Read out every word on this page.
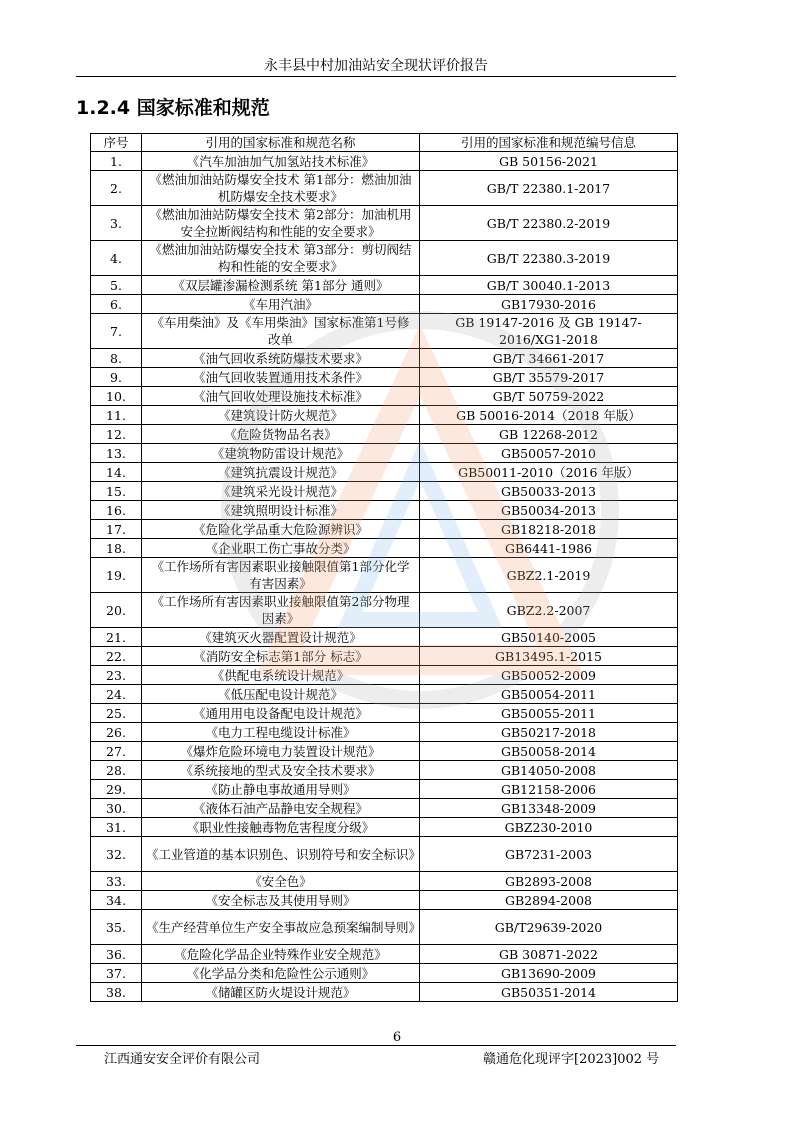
永丰县中村加油站安全现状评价报告
1.2.4 国家标准和规范
序号	引用的国家标准和规范名称	引用的国家标准和规范编号信息
1.	《汽车加油加气加氢站技术标准》	GB 50156-2021
2.	《燃油加油站防爆安全技术 第1部分：燃油加油机防爆安全技术要求》	GB/T 22380.1-2017
3.	《燃油加油站防爆安全技术 第2部分：加油机用安全拉断阀结构和性能的安全要求》	GB/T 22380.2-2019
4.	《燃油加油站防爆安全技术 第3部分：剪切阀结构和性能的安全要求》	GB/T 22380.3-2019
5.	《双层罐渗漏检测系统 第1部分 通则》	GB/T 30040.1-2013
6.	《车用汽油》	GB17930-2016
7.	《车用柴油》及《车用柴油》国家标准第1号修改单	GB 19147-2016 及 GB 19147-2016/XG1-2018
8.	《油气回收系统防爆技术要求》	GB/T 34661-2017
9.	《油气回收装置通用技术条件》	GB/T 35579-2017
10.	《油气回收处理设施技术标准》	GB/T 50759-2022
11.	《建筑设计防火规范》	GB 50016-2014（2018 年版）
12.	《危险货物品名表》	GB 12268-2012
13.	《建筑物防雷设计规范》	GB50057-2010
14.	《建筑抗震设计规范》	GB50011-2010（2016 年版）
15.	《建筑采光设计规范》	GB50033-2013
16.	《建筑照明设计标准》	GB50034-2013
17.	《危险化学品重大危险源辨识》	GB18218-2018
18.	《企业职工伤亡事故分类》	GB6441-1986
19.	《工作场所有害因素职业接触限值第1部分化学有害因素》	GBZ2.1-2019
20.	《工作场所有害因素职业接触限值第2部分物理因素》	GBZ2.2-2007
21.	《建筑灭火器配置设计规范》	GB50140-2005
22.	《消防安全标志第1部分 标志》	GB13495.1-2015
23.	《供配电系统设计规范》	GB50052-2009
24.	《低压配电设计规范》	GB50054-2011
25.	《通用用电设备配电设计规范》	GB50055-2011
26.	《电力工程电缆设计标准》	GB50217-2018
27.	《爆炸危险环境电力装置设计规范》	GB50058-2014
28.	《系统接地的型式及安全技术要求》	GB14050-2008
29.	《防止静电事故通用导则》	GB12158-2006
30.	《液体石油产品静电安全规程》	GB13348-2009
31.	《职业性接触毒物危害程度分级》	GBZ230-2010
32.	《工业管道的基本识别色、识别符号和安全标识》	GB7231-2003
33.	《安全色》	GB2893-2008
34.	《安全标志及其使用导则》	GB2894-2008
35.	《生产经营单位生产安全事故应急预案编制导则》	GB/T29639-2020
36.	《危险化学品企业特殊作业安全规范》	GB 30871-2022
37.	《化学品分类和危险性公示通则》	GB13690-2009
38.	《储罐区防火堤设计规范》	GB50351-2014
6
江西通安安全评价有限公司	赣通危化现评字[2023]002 号
